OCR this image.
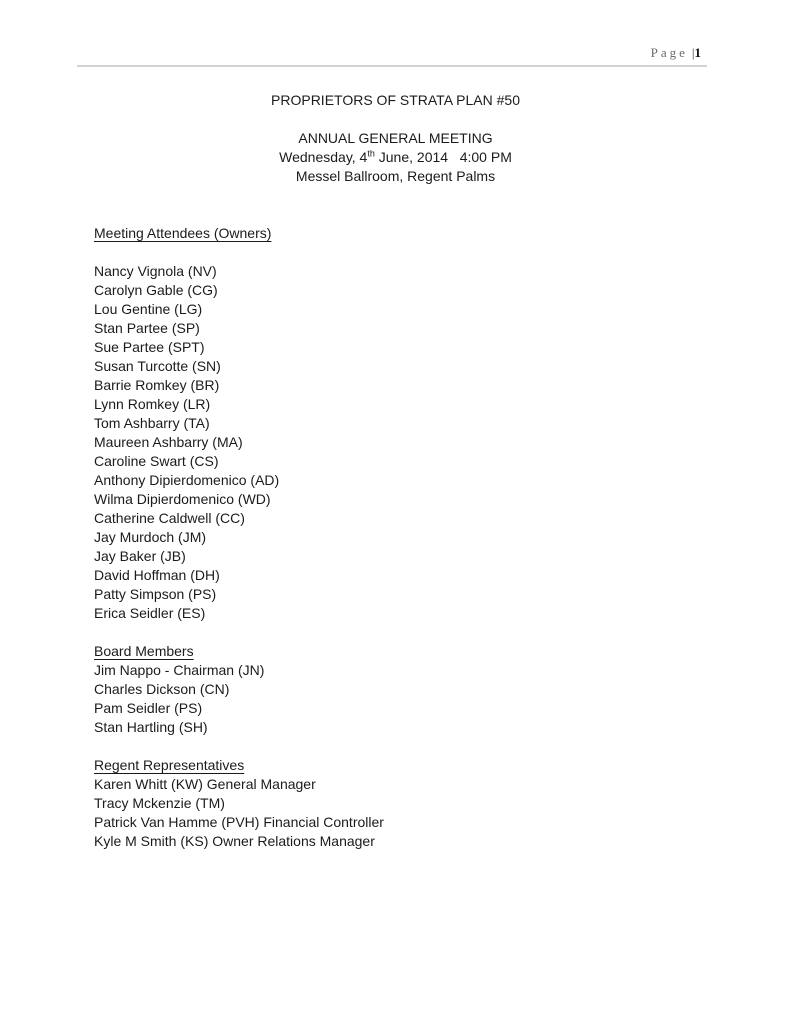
Page |1
PROPRIETORS OF STRATA PLAN #50
ANNUAL GENERAL MEETING
Wednesday, 4th June, 2014   4:00 PM
Messel Ballroom, Regent Palms
Meeting Attendees (Owners)
Nancy Vignola (NV)
Carolyn Gable (CG)
Lou Gentine (LG)
Stan Partee (SP)
Sue Partee (SPT)
Susan Turcotte (SN)
Barrie Romkey (BR)
Lynn Romkey (LR)
Tom Ashbarry (TA)
Maureen Ashbarry (MA)
Caroline Swart (CS)
Anthony Dipierdomenico (AD)
Wilma Dipierdomenico (WD)
Catherine Caldwell (CC)
Jay Murdoch (JM)
Jay Baker (JB)
David Hoffman (DH)
Patty Simpson (PS)
Erica Seidler (ES)
Board Members
Jim Nappo - Chairman (JN)
Charles Dickson (CN)
Pam Seidler (PS)
Stan Hartling (SH)
Regent Representatives
Karen Whitt (KW) General Manager
Tracy Mckenzie (TM)
Patrick Van Hamme (PVH) Financial Controller
Kyle M Smith (KS) Owner Relations Manager
